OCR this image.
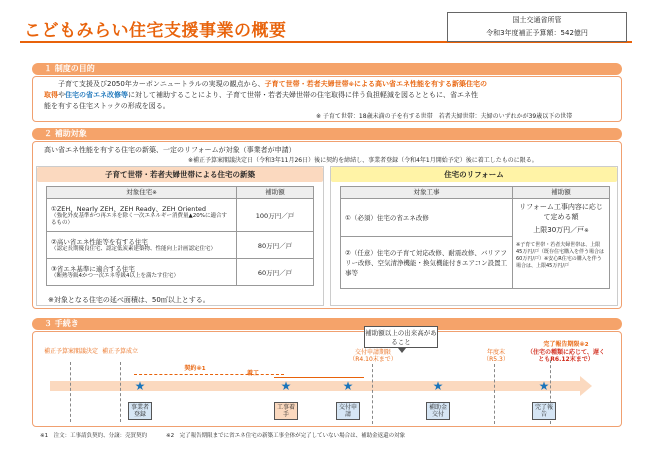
こどもみらい住宅支援事業の概要
国土交通省所管
令和3年度補正予算額：542億円
１ 制度の目的
子育て支援及び2050年カーボンニュートラルの実現の観点から、子育て世帯・若者夫婦世帯※による高い省エネ性能を有する新築住宅の
取得や住宅の省エネ改修等に対して補助することにより、子育て世帯・若者夫婦世帯の住宅取得に伴う負担軽減を図るとともに、省エネ性
能を有する住宅ストックの形成を図る。
※ 子育て世帯：18歳未満の子を有する世帯　若者夫婦世帯：夫婦のいずれかが39歳以下の世帯
２ 補助対象
高い省エネ性能を有する住宅の新築、一定のリフォームが対象（事業者が申請）
※補正予算案閣議決定日（令和3年11月26日）後に契約を締結し、事業者登録（令和4年1月開始予定）後に着工したものに限る。
子育て世帯・若者夫婦世帯による住宅の新築
対象住宅※	補助額

①ZEH、Nearly ZEH、ZEH Ready、ZEH Oriented
（強化外皮基準かつ再エネを除く一次エネルギー消費量▲20%に適合するもの）	100万円／戸

②高い省エネ性能等を有する住宅
（認定長期優良住宅、認定低炭素建築物、性能向上計画認定住宅）	80万円／戸

③省エネ基準に適合する住宅
（断熱等級4かつ一次エネ等級4以上を満たす住宅）	60万円／戸
※対象となる住宅の延べ面積は、50㎡以上とする。
住宅のリフォーム
対象工事	補助額
①（必須）住宅の省エネ改修	リフォーム工事内容に応じて定める額
上限30万円／戸※
※子育て世帯・若者夫婦世帯は、上限45万円/戸（既存住宅購入を伴う場合は60万円/戸）※安心R住宅の購入を伴う場合は、上限45万円/戸

②（任意）住宅の子育て対応改修、耐震改修、バリアフリー改修、空気清浄機能・換気機能付きエアコン設置工事等	
３ 手続き
補助額以上の出来高があること
補正予算案閣議決定 補正予算成立	交付申請期限
（R4.10末まで）
年度末
（R5.3）
完了報告期限※2
（住宅の種類に応じて、遅くともR6.12末まで）
契約※1
着工
★	★	★	★	★
事業者登録
工事着手
交付申請
補助金交付
完了報告
※1　注文：工事請負契約、分譲：売買契約	※2　完了報告期限までに省エネ住宅の新築工事全体が完了していない場合は、補助金返還の対象
